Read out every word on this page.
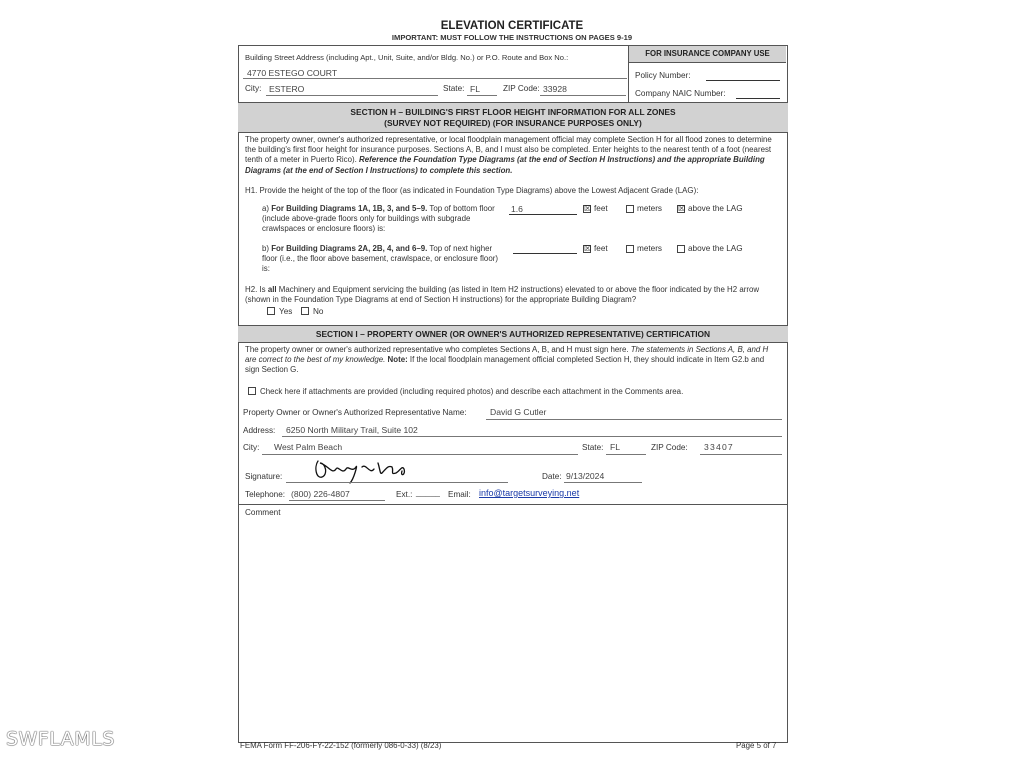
ELEVATION CERTIFICATE
IMPORTANT: MUST FOLLOW THE INSTRUCTIONS ON PAGES 9-19
Building Street Address (including Apt., Unit, Suite, and/or Bldg. No.) or P.O. Route and Box No.:
4770 ESTEGO COURT
City: ESTERO	State: FL	ZIP Code: 33928
FOR INSURANCE COMPANY USE
Policy Number:
Company NAIC Number:
SECTION H – BUILDING'S FIRST FLOOR HEIGHT INFORMATION FOR ALL ZONES
(SURVEY NOT REQUIRED) (FOR INSURANCE PURPOSES ONLY)
The property owner, owner's authorized representative, or local floodplain management official may complete Section H for all flood zones to determine the building's first floor height for insurance purposes. Sections A, B, and I must also be completed. Enter heights to the nearest tenth of a foot (nearest tenth of a meter in Puerto Rico). Reference the Foundation Type Diagrams (at the end of Section H Instructions) and the appropriate Building Diagrams (at the end of Section I Instructions) to complete this section.
H1. Provide the height of the top of the floor (as indicated in Foundation Type Diagrams) above the Lowest Adjacent Grade (LAG):
a) For Building Diagrams 1A, 1B, 3, and 5–9. Top of bottom floor (include above-grade floors only for buildings with subgrade crawlspaces or enclosure floors) is:
1.6	☒ feet	meters ☒ above the LAG
b) For Building Diagrams 2A, 2B, 4, and 6–9. Top of next higher floor (i.e., the floor above basement, crawlspace, or enclosure floor) is:
☒ feet	meters	above the LAG
H2. Is all Machinery and Equipment servicing the building (as listed in Item H2 instructions) elevated to or above the floor indicated by the H2 arrow (shown in the Foundation Type Diagrams at end of Section H instructions) for the appropriate Building Diagram?
Yes	No
SECTION I – PROPERTY OWNER (OR OWNER'S AUTHORIZED REPRESENTATIVE) CERTIFICATION
The property owner or owner's authorized representative who completes Sections A, B, and H must sign here. The statements in Sections A, B, and H are correct to the best of my knowledge. Note: If the local floodplain management official completed Section H, they should indicate in Item G2.b and sign Section G.
Check here if attachments are provided (including required photos) and describe each attachment in the Comments area.
Property Owner or Owner's Authorized Representative Name:	David G Cutler
Address: 6250 North Military Trail, Suite 102
City: West Palm Beach	State: FL	ZIP Code: 33407
Signature:	Date: 9/13/2024
Telephone: (800) 226-4807	Ext.: _____ Email: info@targetsurveying.net
Comment
FEMA Form FF-206-FY-22-152 (formerly 086-0-33) (8/23)	Page 5 of 7
SWFLAMLS
